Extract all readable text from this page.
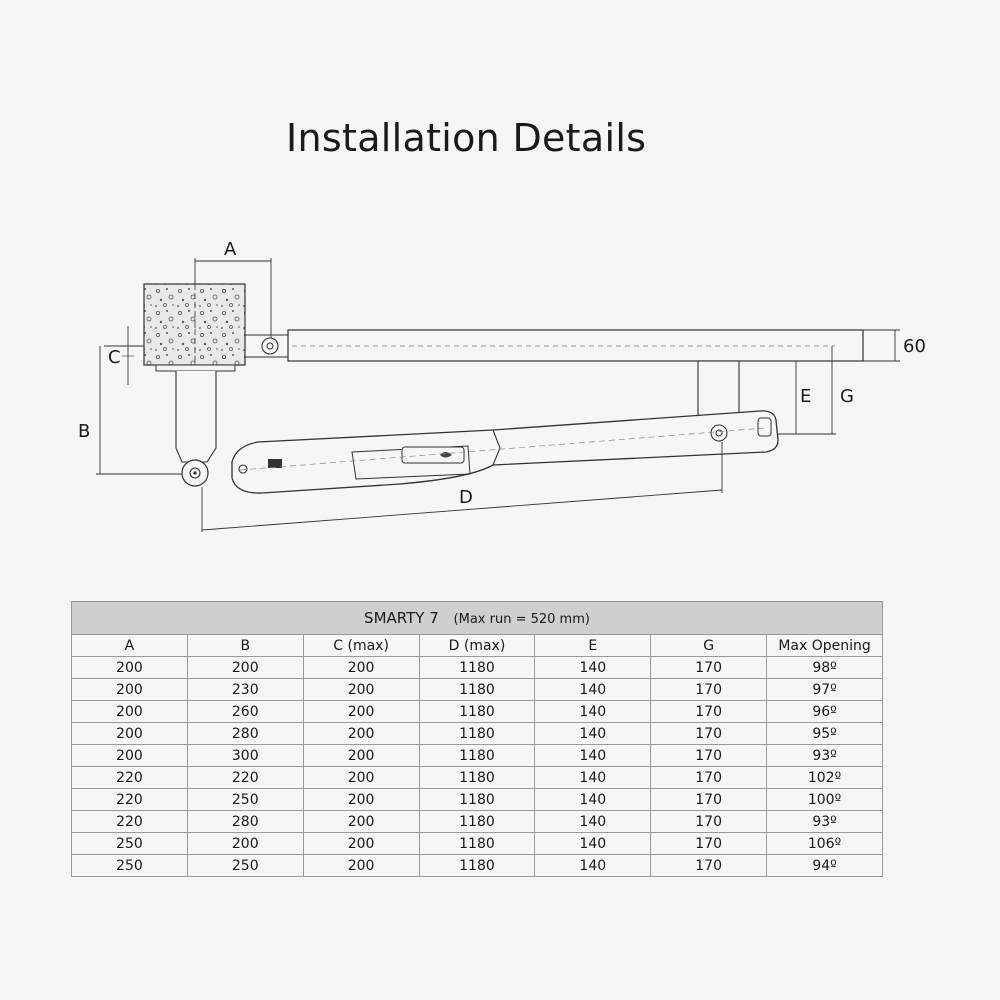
Installation Details
A
C
B
60
E G
D
SMARTY 7 (Max run = 520 mm)						
A	B	C (max)	D (max)	E	G	Max Opening
200	200	200	1180	140	170	98º
200	230	200	1180	140	170	97º
200	260	200	1180	140	170	96º
200	280	200	1180	140	170	95º
200	300	200	1180	140	170	93º
220	220	200	1180	140	170	102º
220	250	200	1180	140	170	100º
220	280	200	1180	140	170	93º
250	200	200	1180	140	170	106º
250	250	200	1180	140	170	94º
